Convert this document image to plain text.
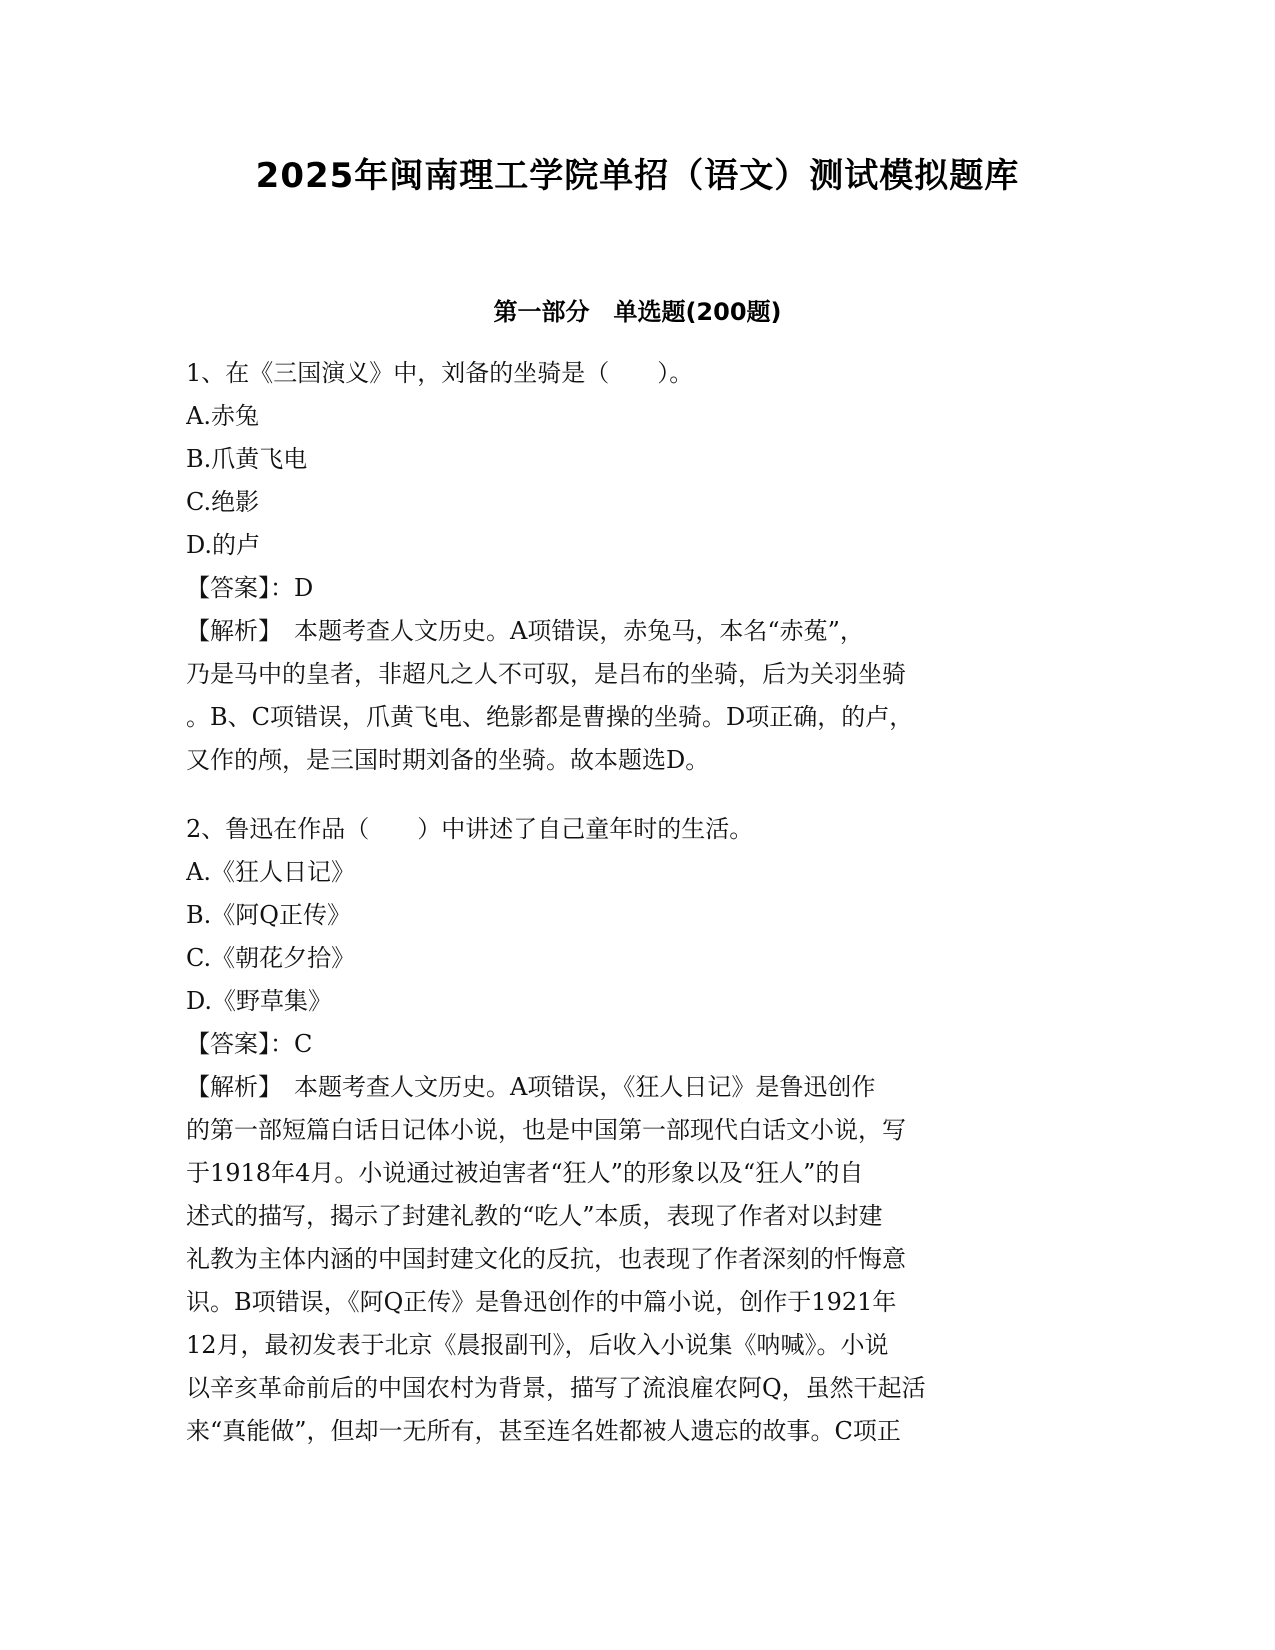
2025年闽南理工学院单招（语文）测试模拟题库
第一部分　单选题(200题)
1、在《三国演义》中，刘备的坐骑是（　　）。
A.赤兔
B.爪黄飞电
C.绝影
D.的卢
【答案】：D
【解析】　本题考查人文历史。A项错误，赤兔马，本名“赤菟”，
乃是马中的皇者，非超凡之人不可驭，是吕布的坐骑，后为关羽坐骑
。B、C项错误，爪黄飞电、绝影都是曹操的坐骑。D项正确，的卢，
又作的颅，是三国时期刘备的坐骑。故本题选D。
2、鲁迅在作品（　　）中讲述了自己童年时的生活。
A.《狂人日记》
B.《阿Q正传》
C.《朝花夕拾》
D.《野草集》
【答案】：C
【解析】　本题考查人文历史。A项错误，《狂人日记》是鲁迅创作
的第一部短篇白话日记体小说，也是中国第一部现代白话文小说，写
于1918年4月。小说通过被迫害者“狂人”的形象以及“狂人”的自
述式的描写，揭示了封建礼教的“吃人”本质，表现了作者对以封建
礼教为主体内涵的中国封建文化的反抗，也表现了作者深刻的忏悔意
识。B项错误，《阿Q正传》是鲁迅创作的中篇小说，创作于1921年
12月，最初发表于北京《晨报副刊》，后收入小说集《呐喊》。小说
以辛亥革命前后的中国农村为背景，描写了流浪雇农阿Q，虽然干起活
来“真能做”，但却一无所有，甚至连名姓都被人遗忘的故事。C项正
